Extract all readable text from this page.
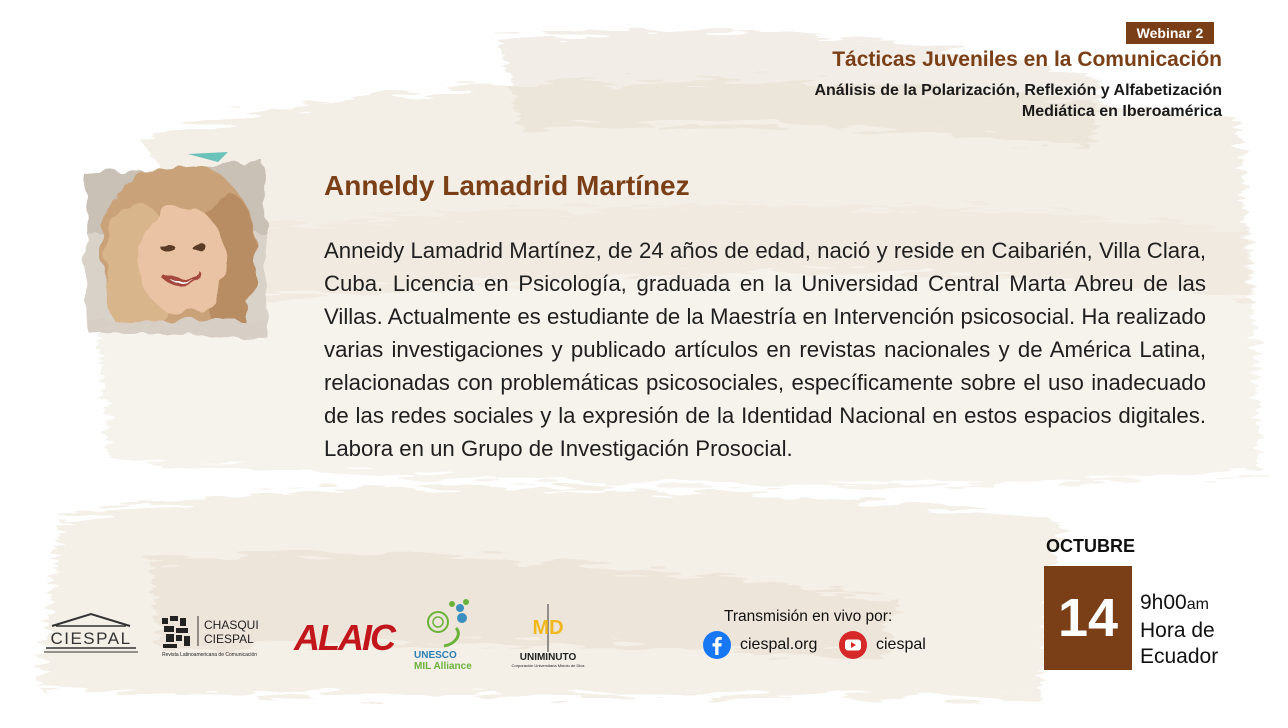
Webinar 2
Tácticas Juveniles en la Comunicación
Análisis de la Polarización, Reflexión y Alfabetización
Mediática en Iberoamérica
Anneldy Lamadrid Martínez
Anneidy Lamadrid Martínez, de 24 años de edad, nació y reside en Caibarién, Villa Clara, Cuba. Licencia en Psicología, graduada en la Universidad Central Marta Abreu de las Villas. Actualmente es estudiante de la Maestría en Intervención psicosocial. Ha realizado varias investigaciones y publicado artículos en revistas nacionales y de América Latina, relacionadas con problemáticas psicosociales, específicamente sobre el uso inadecuado de las redes sociales y la expresión de la Identidad Nacional en estos espacios digitales. Labora en un Grupo de Investigación Prosocial.
OCTUBRE
14	9h00am
Hora de
Ecuador
Transmisión en vivo por:
ciespal.org	ciespal
CIESPAL
CHASQUI
CIESPAL
Revista Latinoamericana de Comunicación ALAIC UNESCO
MIL Alliance
MD
UNIMINUTO
Corporación Universitaria Minuto de Dios
